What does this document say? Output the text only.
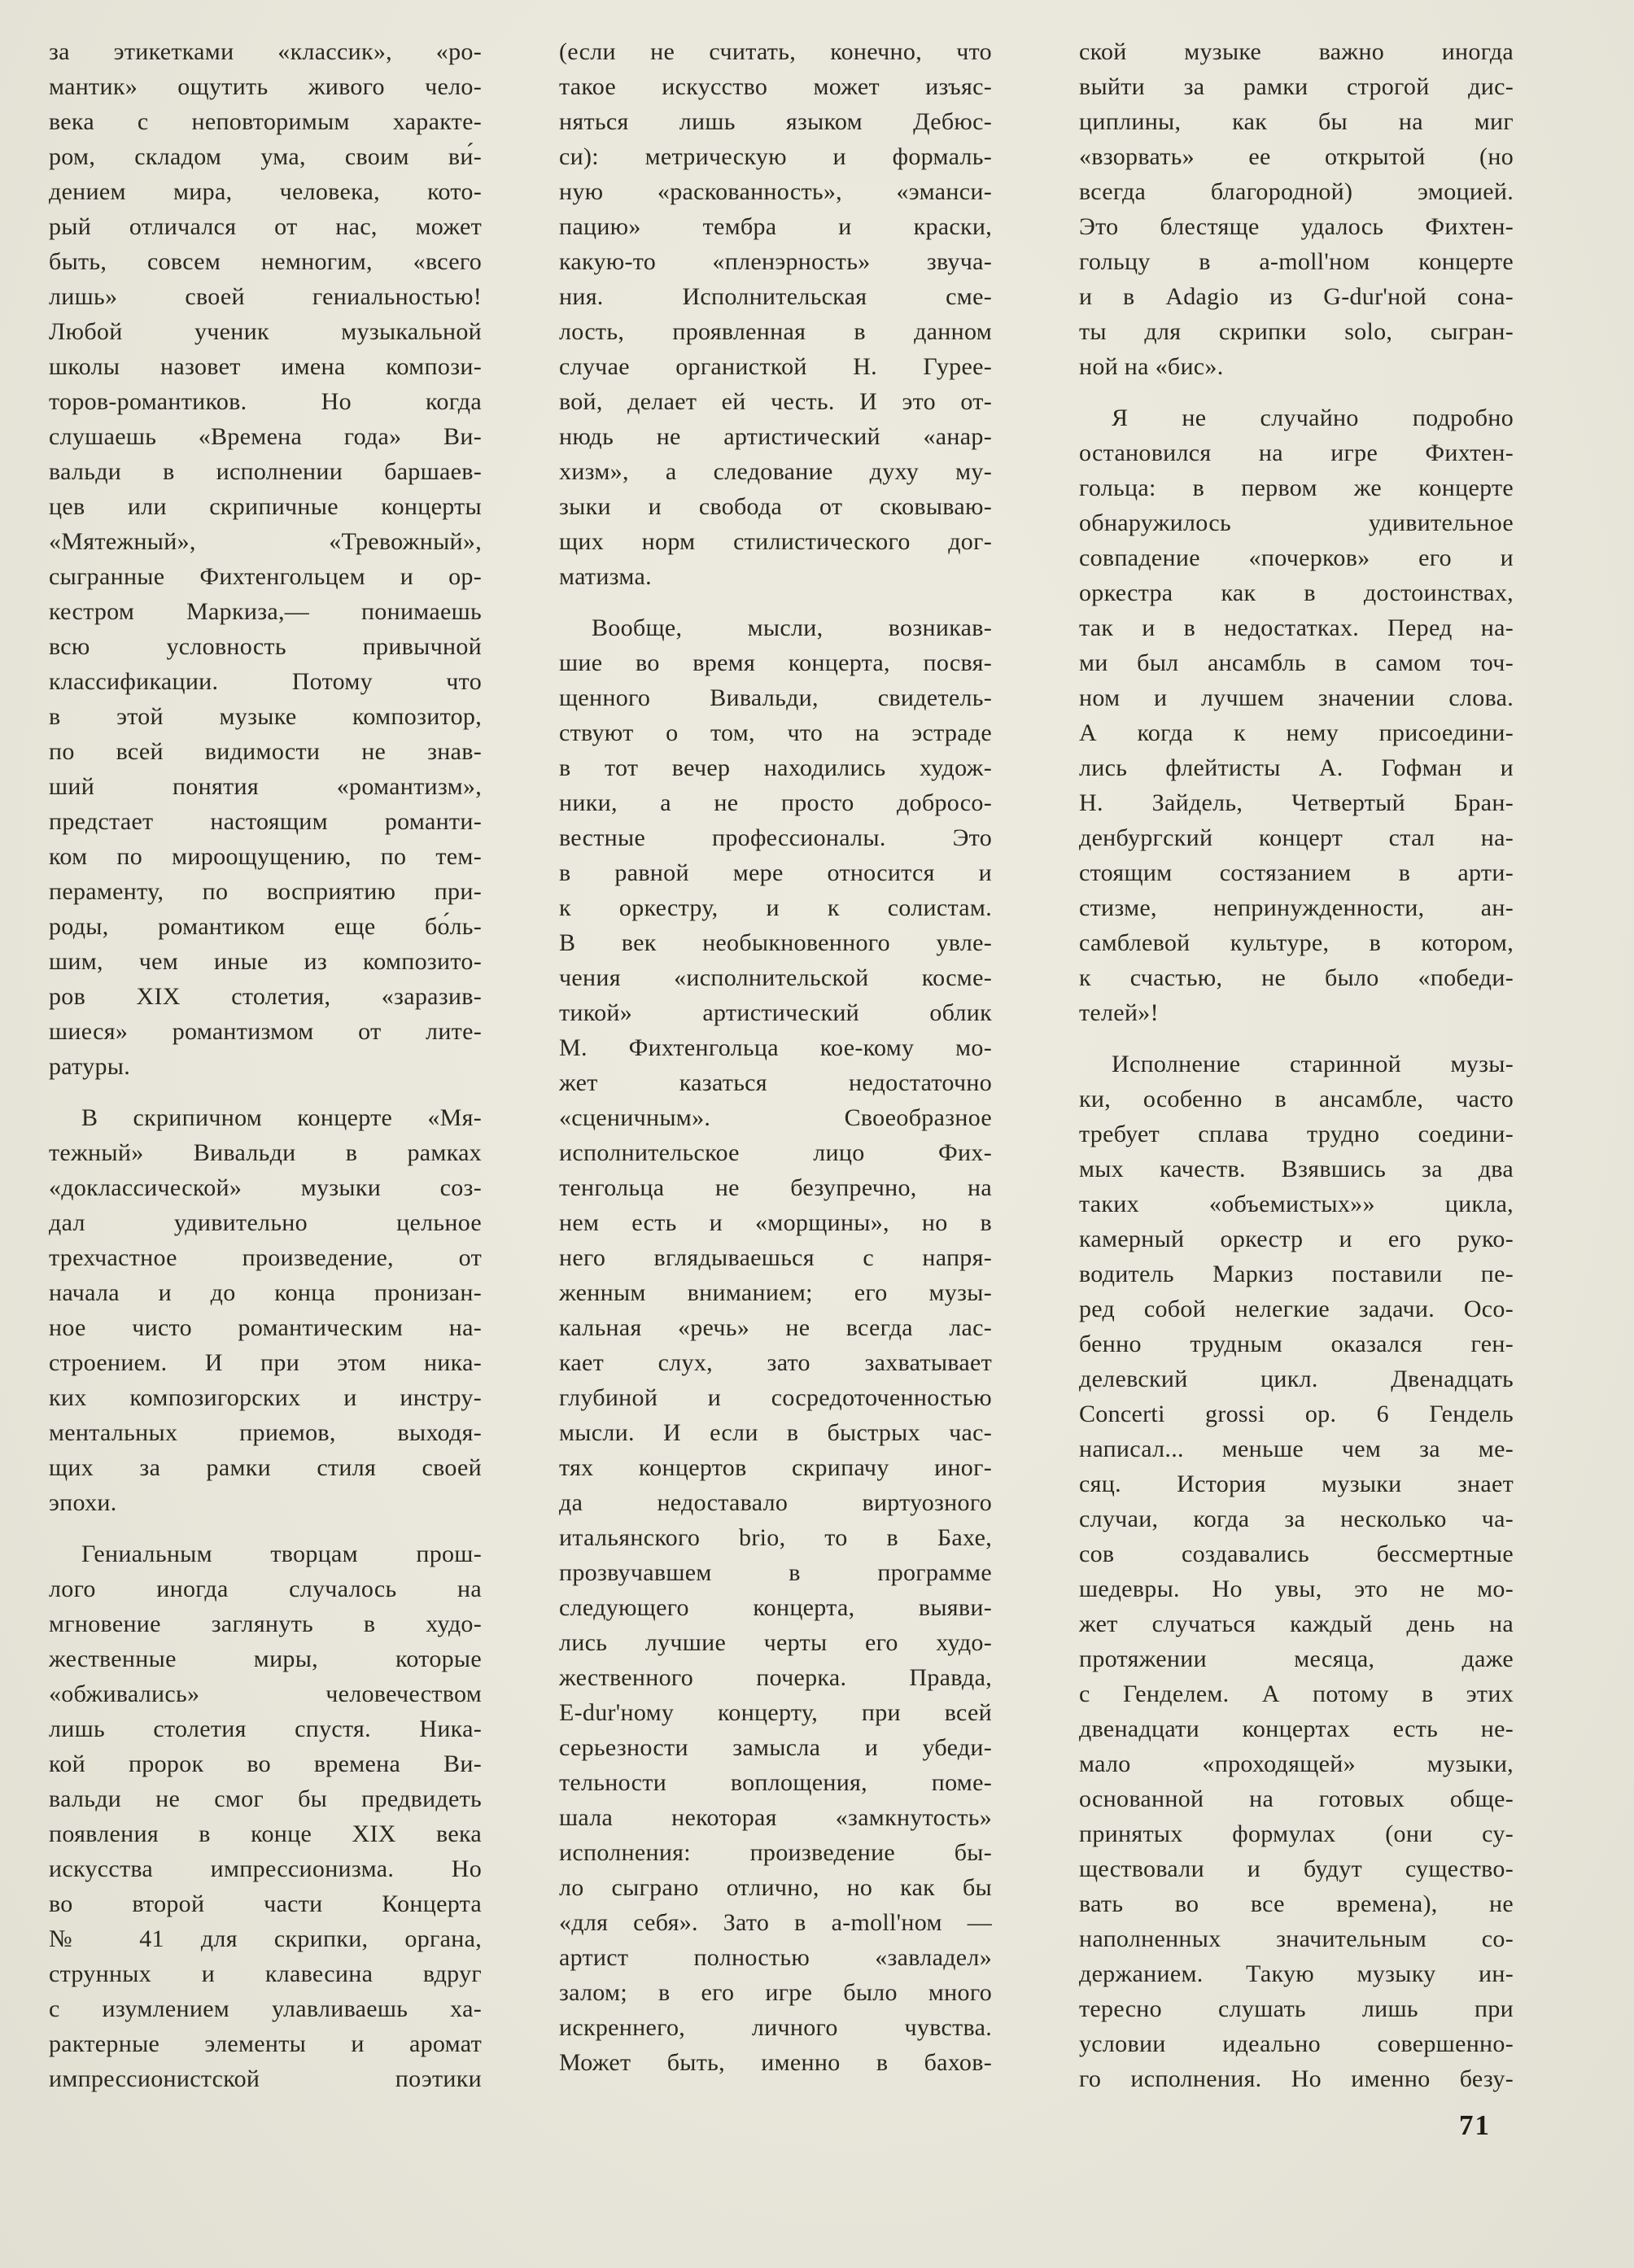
за этикетками «классик», «ро-
мантик» ощутить живого чело-
века с неповторимым характе-
ром, складом ума, своим ви́-
дением мира, человека, кото-
рый отличался от нас, может
быть, совсем немногим, «всего
лишь» своей гениальностью!
Любой ученик музыкальной
школы назовет имена компози-
торов-романтиков. Но когда
слушаешь «Времена года» Ви-
вальди в исполнении баршаев-
цев или скрипичные концерты
«Мятежный», «Тревожный»,
сыгранные Фихтенгольцем и ор-
кестром Маркиза,— понимаешь
всю условность привычной
классификации. Потому что
в этой музыке композитор,
по всей видимости не знав-
ший понятия «романтизм»,
предстает настоящим романти-
ком по мироощущению, по тем-
пераменту, по восприятию при-
роды, романтиком еще бо́ль-
шим, чем иные из композито-
ров XIX столетия, «заразив-
шиеся» романтизмом от лите-
ратуры.
В скрипичном концерте «Мя-
тежный» Вивальди в рамках
«доклассической» музыки соз-
дал удивительно цельное
трехчастное произведение, от
начала и до конца пронизан-
ное чисто романтическим на-
строением. И при этом ника-
ких композигорских и инстру-
ментальных приемов, выходя-
щих за рамки стиля своей
эпохи.
Гениальным творцам прош-
лого иногда случалось на
мгновение заглянуть в худо-
жественные миры, которые
«обживались» человечеством
лишь столетия спустя. Ника-
кой пророк во времена Ви-
вальди не смог бы предвидеть
появления в конце XIX века
искусства импрессионизма. Но
во второй части Концерта
№ 41 для скрипки, органа,
струнных и клавесина вдруг
с изумлением улавливаешь ха-
рактерные элементы и аромат
импрессионистской поэтики
(если не считать, конечно, что
такое искусство может изъяс-
няться лишь языком Дебюс-
си): метрическую и формаль-
ную «раскованность», «эманси-
пацию» тембра и краски,
какую-то «пленэрность» звуча-
ния. Исполнительская сме-
лость, проявленная в данном
случае органисткой Н. Гурее-
вой, делает ей честь. И это от-
нюдь не артистический «анар-
хизм», а следование духу му-
зыки и свобода от сковываю-
щих норм стилистического дог-
матизма.
Вообще, мысли, возникав-
шие во время концерта, посвя-
щенного Вивальди, свидетель-
ствуют о том, что на эстраде
в тот вечер находились худож-
ники, а не просто добросо-
вестные профессионалы. Это
в равной мере относится и
к оркестру, и к солистам.
В век необыкновенного увле-
чения «исполнительской косме-
тикой» артистический облик
М. Фихтенгольца кое-кому мо-
жет казаться недостаточно
«сценичным». Своеобразное
исполнительское лицо Фих-
тенгольца не безупречно, на
нем есть и «морщины», но в
него вглядываешься с напря-
женным вниманием; его музы-
кальная «речь» не всегда лас-
кает слух, зато захватывает
глубиной и сосредоточенностью
мысли. И если в быстрых час-
тях концертов скрипачу иног-
да недоставало виртуозного
итальянского brio, то в Бахе,
прозвучавшем в программе
следующего концерта, выяви-
лись лучшие черты его худо-
жественного почерка. Правда,
E-dur'ному концерту, при всей
серьезности замысла и убеди-
тельности воплощения, поме-
шала некоторая «замкнутость»
исполнения: произведение бы-
ло сыграно отлично, но как бы
«для себя». Зато в a-moll'ном —
артист полностью «завладел»
залом; в его игре было много
искреннего, личного чувства.
Может быть, именно в бахов-
ской музыке важно иногда
выйти за рамки строгой дис-
циплины, как бы на миг
«взорвать» ее открытой (но
всегда благородной) эмоцией.
Это блестяще удалось Фихтен-
гольцу в a-moll'ном концерте
и в Adagio из G-dur'ной сона-
ты для скрипки solo, сыгран-
ной на «бис».
Я не случайно подробно
остановился на игре Фихтен-
гольца: в первом же концерте
обнаружилось удивительное
совпадение «почерков» его и
оркестра как в достоинствах,
так и в недостатках. Перед на-
ми был ансамбль в самом точ-
ном и лучшем значении слова.
А когда к нему присоедини-
лись флейтисты А. Гофман и
Н. Зайдель, Четвертый Бран-
денбургский концерт стал на-
стоящим состязанием в арти-
стизме, непринужденности, ан-
самблевой культуре, в котором,
к счастью, не было «победи-
телей»!
Исполнение старинной музы-
ки, особенно в ансамбле, часто
требует сплава трудно соедини-
мых качеств. Взявшись за два
таких «объемистых»» цикла,
камерный оркестр и его руко-
водитель Маркиз поставили пе-
ред собой нелегкие задачи. Осо-
бенно трудным оказался ген-
делевский цикл. Двенадцать
Concerti grossi op. 6 Гендель
написал... меньше чем за ме-
сяц. История музыки знает
случаи, когда за несколько ча-
сов создавались бессмертные
шедевры. Но увы, это не мо-
жет случаться каждый день на
протяжении месяца, даже
с Генделем. А потому в этих
двенадцати концертах есть не-
мало «проходящей» музыки,
основанной на готовых обще-
принятых формулах (они су-
ществовали и будут существо-
вать во все времена), не
наполненных значительным со-
держанием. Такую музыку ин-
тересно слушать лишь при
условии идеально совершенно-
го исполнения. Но именно безу-
71
